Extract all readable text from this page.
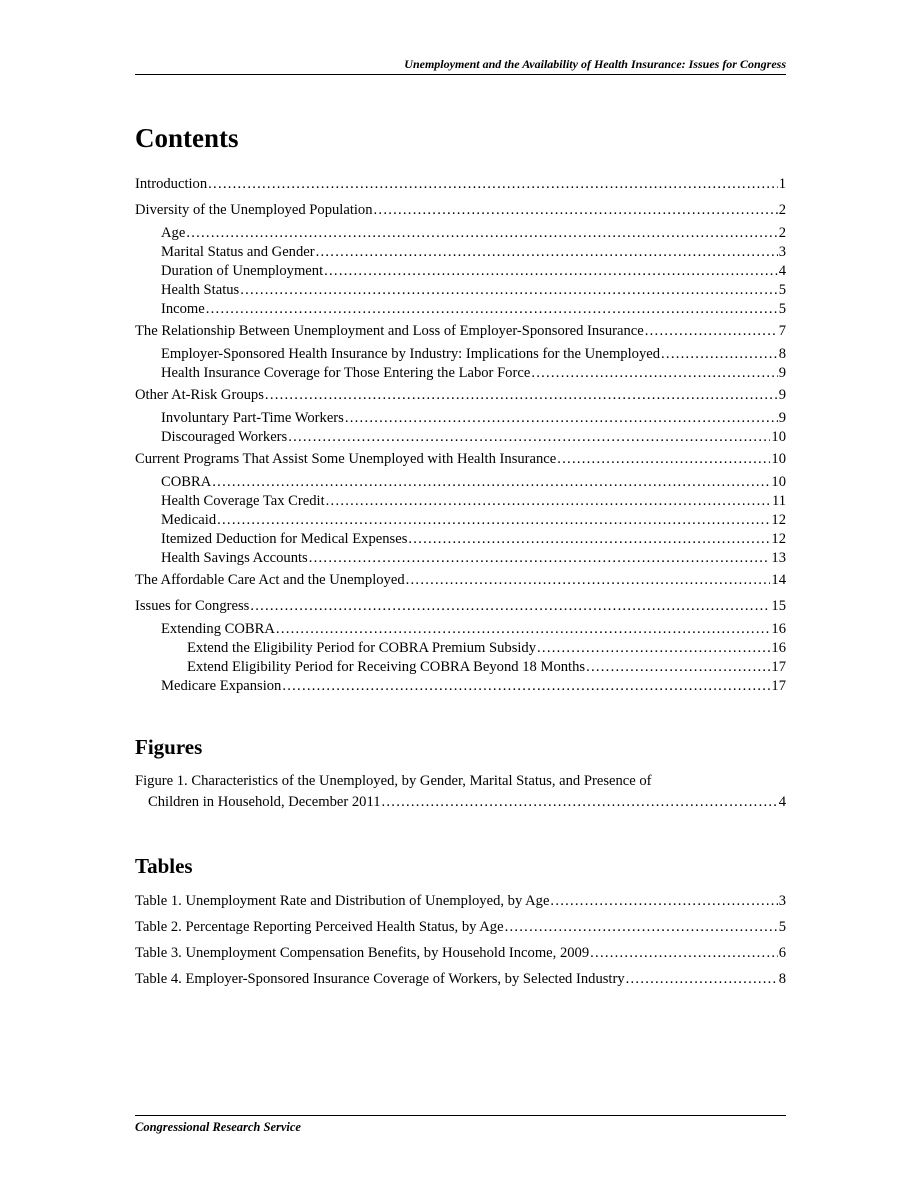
Unemployment and the Availability of Health Insurance: Issues for Congress
Contents
Introduction . . .	1
Diversity of the Unemployed Population . . .	2
Age . . .	2
Marital Status and Gender . . .	3
Duration of Unemployment . . .	4
Health Status . . .	5
Income . . .	5
The Relationship Between Unemployment and Loss of Employer-Sponsored Insurance . . .	7
Employer-Sponsored Health Insurance by Industry: Implications for the Unemployed . . .	8
Health Insurance Coverage for Those Entering the Labor Force . . .	9
Other At-Risk Groups . . .	9
Involuntary Part-Time Workers . . .	9
Discouraged Workers . . .	10
Current Programs That Assist Some Unemployed with Health Insurance . . .	10
COBRA . . .	10
Health Coverage Tax Credit . . .	11
Medicaid . . .	12
Itemized Deduction for Medical Expenses . . .	12
Health Savings Accounts . . .	13
The Affordable Care Act and the Unemployed . . .	14
Issues for Congress . . .	15
Extending COBRA . . .	16
Extend the Eligibility Period for COBRA Premium Subsidy . . .	16
Extend Eligibility Period for Receiving COBRA Beyond 18 Months . . .	17
Medicare Expansion . . .	17
Figures
Figure 1. Characteristics of the Unemployed, by Gender, Marital Status, and Presence of
Children in Household, December 2011 . . .	4
Tables
Table 1. Unemployment Rate and Distribution of Unemployed, by Age . . .	3
Table 2. Percentage Reporting Perceived Health Status, by Age . . .	5
Table 3. Unemployment Compensation Benefits, by Household Income, 2009 . . .	6
Table 4. Employer-Sponsored Insurance Coverage of Workers, by Selected Industry . . .	8
Congressional Research Service
